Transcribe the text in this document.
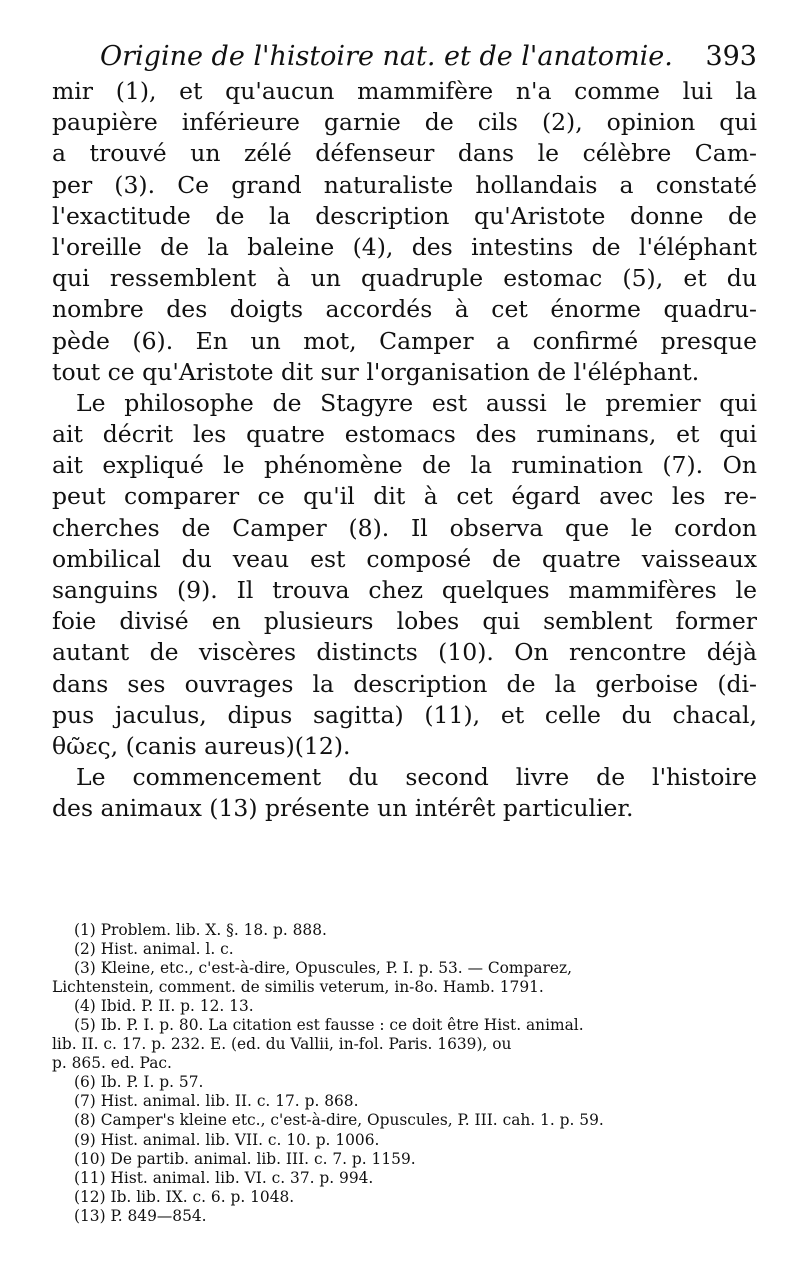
Origine de l'histoire nat. et de l'anatomie. 393
mir (1), et qu'aucun mammifère n'a comme lui la
paupière inférieure garnie de cils (2), opinion qui
a trouvé un zélé défenseur dans le célèbre Cam-
per (3). Ce grand naturaliste hollandais a constaté
l'exactitude de la description qu'Aristote donne de
l'oreille de la baleine (4), des intestins de l'éléphant
qui ressemblent à un quadruple estomac (5), et du
nombre des doigts accordés à cet énorme quadru-
pède (6). En un mot, Camper a confirmé presque
tout ce qu'Aristote dit sur l'organisation de l'éléphant.
Le philosophe de Stagyre est aussi le premier qui
ait décrit les quatre estomacs des ruminans, et qui
ait expliqué le phénomène de la rumination (7). On
peut comparer ce qu'il dit à cet égard avec les re-
cherches de Camper (8). Il observa que le cordon
ombilical du veau est composé de quatre vaisseaux
sanguins (9). Il trouva chez quelques mammifères le
foie divisé en plusieurs lobes qui semblent former
autant de viscères distincts (10). On rencontre déjà
dans ses ouvrages la description de la gerboise (di-
pus jaculus, dipus sagitta) (11), et celle du chacal,
θῶες, (canis aureus)(12).
Le commencement du second livre de l'histoire
des animaux (13) présente un intérêt particulier.
(1) Problem. lib. X. §. 18. p. 888.
(2) Hist. animal. l. c.
(3) Kleine, etc., c'est-à-dire, Opuscules, P. I. p. 53. — Comparez,
Lichtenstein, comment. de similis veterum, in-8o. Hamb. 1791.
(4) Ibid. P. II. p. 12. 13.
(5) Ib. P. I. p. 80. La citation est fausse : ce doit être Hist. animal.
lib. II. c. 17. p. 232. E. (ed. du Vallii, in-fol. Paris. 1639), ou
p. 865. ed. Pac.
(6) Ib. P. I. p. 57.
(7) Hist. animal. lib. II. c. 17. p. 868.
(8) Camper's kleine etc., c'est-à-dire, Opuscules, P. III. cah. 1. p. 59.
(9) Hist. animal. lib. VII. c. 10. p. 1006.
(10) De partib. animal. lib. III. c. 7. p. 1159.
(11) Hist. animal. lib. VI. c. 37. p. 994.
(12) Ib. lib. IX. c. 6. p. 1048.
(13) P. 849—854.
